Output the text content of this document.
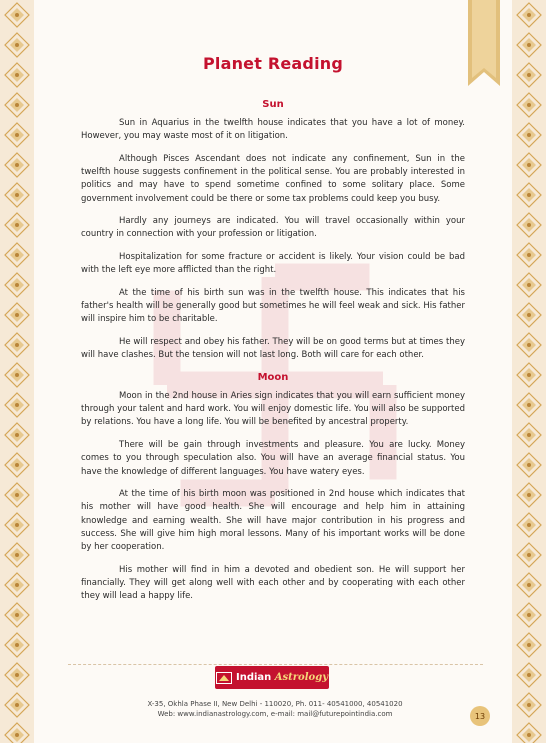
Planet Reading
Sun

Sun in Aquarius in the twelfth house indicates that you have a lot of money. However, you may waste most of it on litigation.

Although Pisces Ascendant does not indicate any confinement, Sun in the twelfth house suggests confinement in the political sense. You are probably interested in politics and may have to spend sometime confined to some solitary place. Some government involvement could be there or some tax problems could keep you busy.

Hardly any journeys are indicated. You will travel occasionally within your country in connection with your profession or litigation.

Hospitalization for some fracture or accident is likely. Your vision could be bad with the left eye more afflicted than the right.

At the time of his birth sun was in the twelfth house. This indicates that his father's health will be generally good but sometimes he will feel weak and sick. His father will inspire him to be charitable.

He will respect and obey his father. They will be on good terms but at times they will have clashes. But the tension will not last long. Both will care for each other.

Moon

Moon in the 2nd house in Aries sign indicates that you will earn sufficient money through your talent and hard work. You will enjoy domestic life. You will also be supported by relations. You have a long life. You will be benefited by ancestral property.

There will be gain through investments and pleasure. You are lucky. Money comes to you through speculation also. You will have an average financial status. You have the knowledge of different languages. You have watery eyes.

At the time of his birth moon was positioned in 2nd house which indicates that his mother will have good health. She will encourage and help him in attaining knowledge and earning wealth. She will have major contribution in his progress and success. She will give him high moral lessons. Many of his important works will be done by her cooperation.

His mother will find in him a devoted and obedient son. He will support her financially. They will get along well with each other and by cooperating with each other they will lead a happy life.

Indian Astrology
X-35, Okhla Phase II, New Delhi - 110020, Ph. 011- 40541000, 40541020
Web: www.indianastrology.com, e-mail: mail@futurepointindia.com	13
